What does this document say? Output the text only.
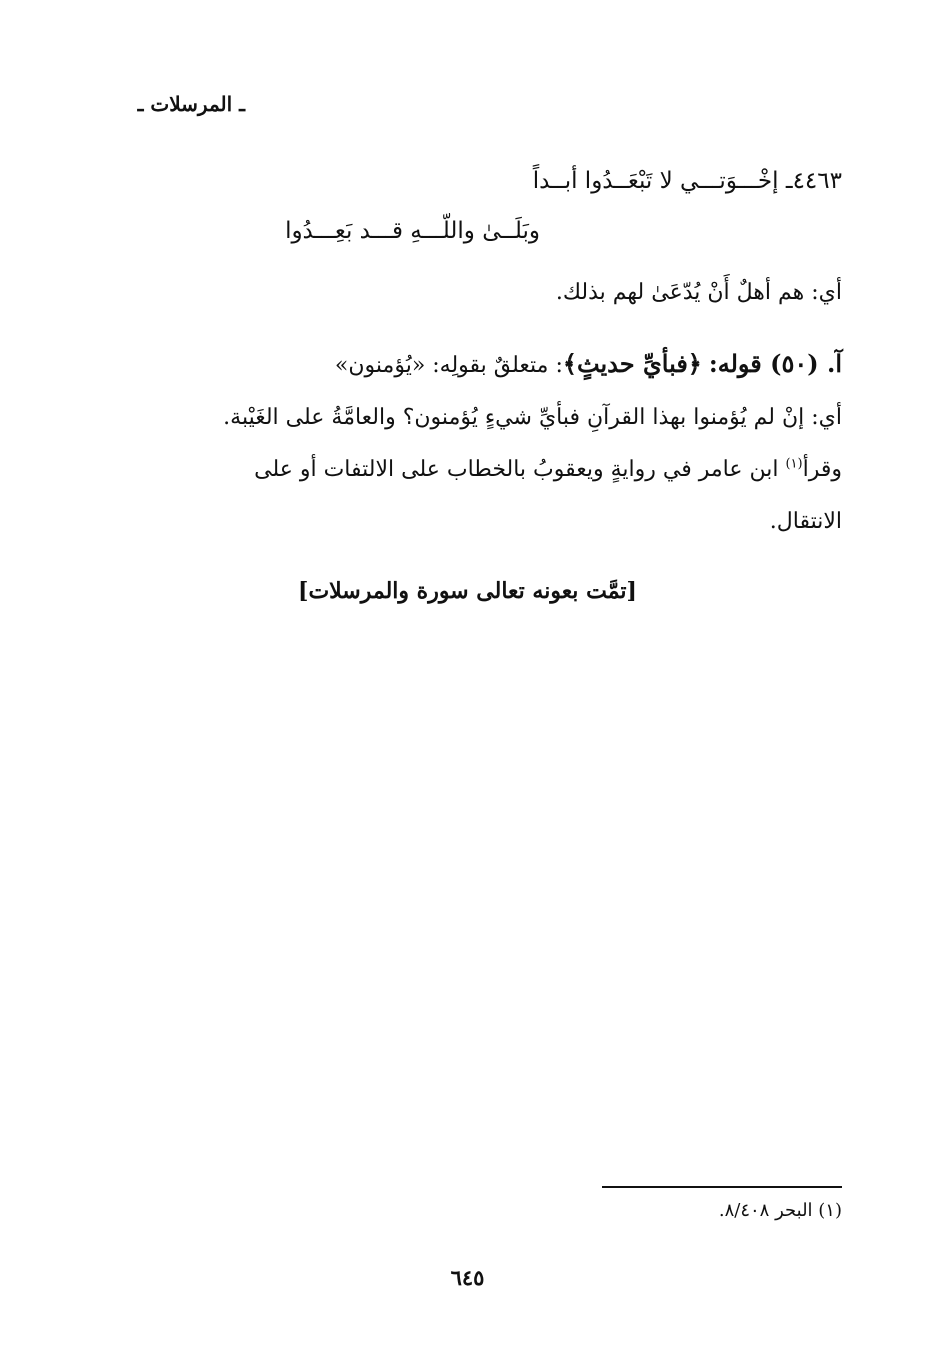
ـ المرسلات ـ
٤٤٦٣ـ إخْـــوَتـــي لا تَبْعَــدُوا أبــداً
وبَلَــىٰ واللّـــهِ قـــد بَعِـــدُوا
أي: هم أهلٌ أَنْ يُدّعَىٰ لهم بذلك.
آ. (٥٠) قوله: ﴿فبأيِّ حديثٍ﴾: متعلقٌ بقولِه: «يُؤمنون»
أي: إنْ لم يُؤمنوا بهذا القرآنِ فبأيِّ شيءٍ يُؤمنون؟ والعامَّةُ على الغَيْبة.
وقرأ$^{(١)}$ ابن عامر في روايةٍ ويعقوبُ بالخطاب على الالتفات أو على
الانتقال.
[تمَّت بعونه تعالى سورة والمرسلات]
(١) البحر ٨/٤٠٨.
٦٤٥
